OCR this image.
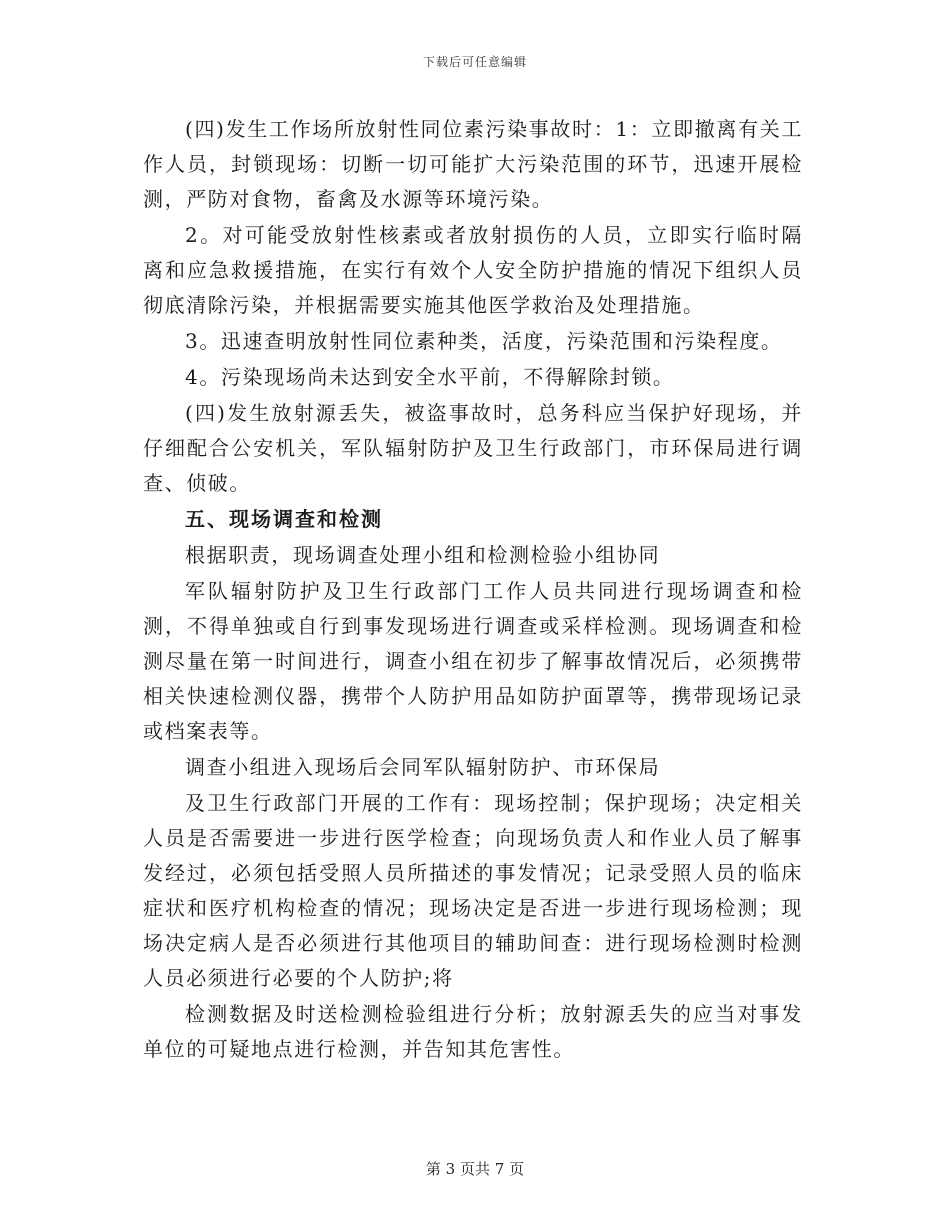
下载后可任意编辑

(四)发生工作场所放射性同位素污染事故时：1：立即撤离有关工作人员，封锁现场：切断一切可能扩大污染范围的环节，迅速开展检测，严防对食物，畜禽及水源等环境污染。

2。对可能受放射性核素或者放射损伤的人员，立即实行临时隔离和应急救援措施，在实行有效个人安全防护措施的情况下组织人员彻底清除污染，并根据需要实施其他医学救治及处理措施。

3。迅速查明放射性同位素种类，活度，污染范围和污染程度。

4。污染现场尚未达到安全水平前，不得解除封锁。

(四)发生放射源丢失，被盗事故时，总务科应当保护好现场，并仔细配合公安机关，军队辐射防护及卫生行政部门，市环保局进行调查、侦破。

五、现场调查和检测

根据职责，现场调查处理小组和检测检验小组协同

军队辐射防护及卫生行政部门工作人员共同进行现场调查和检测，不得单独或自行到事发现场进行调查或采样检测。现场调查和检测尽量在第一时间进行，调查小组在初步了解事故情况后，必须携带相关快速检测仪器，携带个人防护用品如防护面罩等，携带现场记录或档案表等。

调查小组进入现场后会同军队辐射防护、市环保局

及卫生行政部门开展的工作有：现场控制；保护现场；决定相关人员是否需要进一步进行医学检查；向现场负责人和作业人员了解事发经过，必须包括受照人员所描述的事发情况；记录受照人员的临床症状和医疗机构检查的情况；现场决定是否进一步进行现场检测；现场决定病人是否必须进行其他项目的辅助间查：进行现场检测时检测人员必须进行必要的个人防护;将

检测数据及时送检测检验组进行分析；放射源丢失的应当对事发单位的可疑地点进行检测，并告知其危害性。

第 3 页共 7 页
